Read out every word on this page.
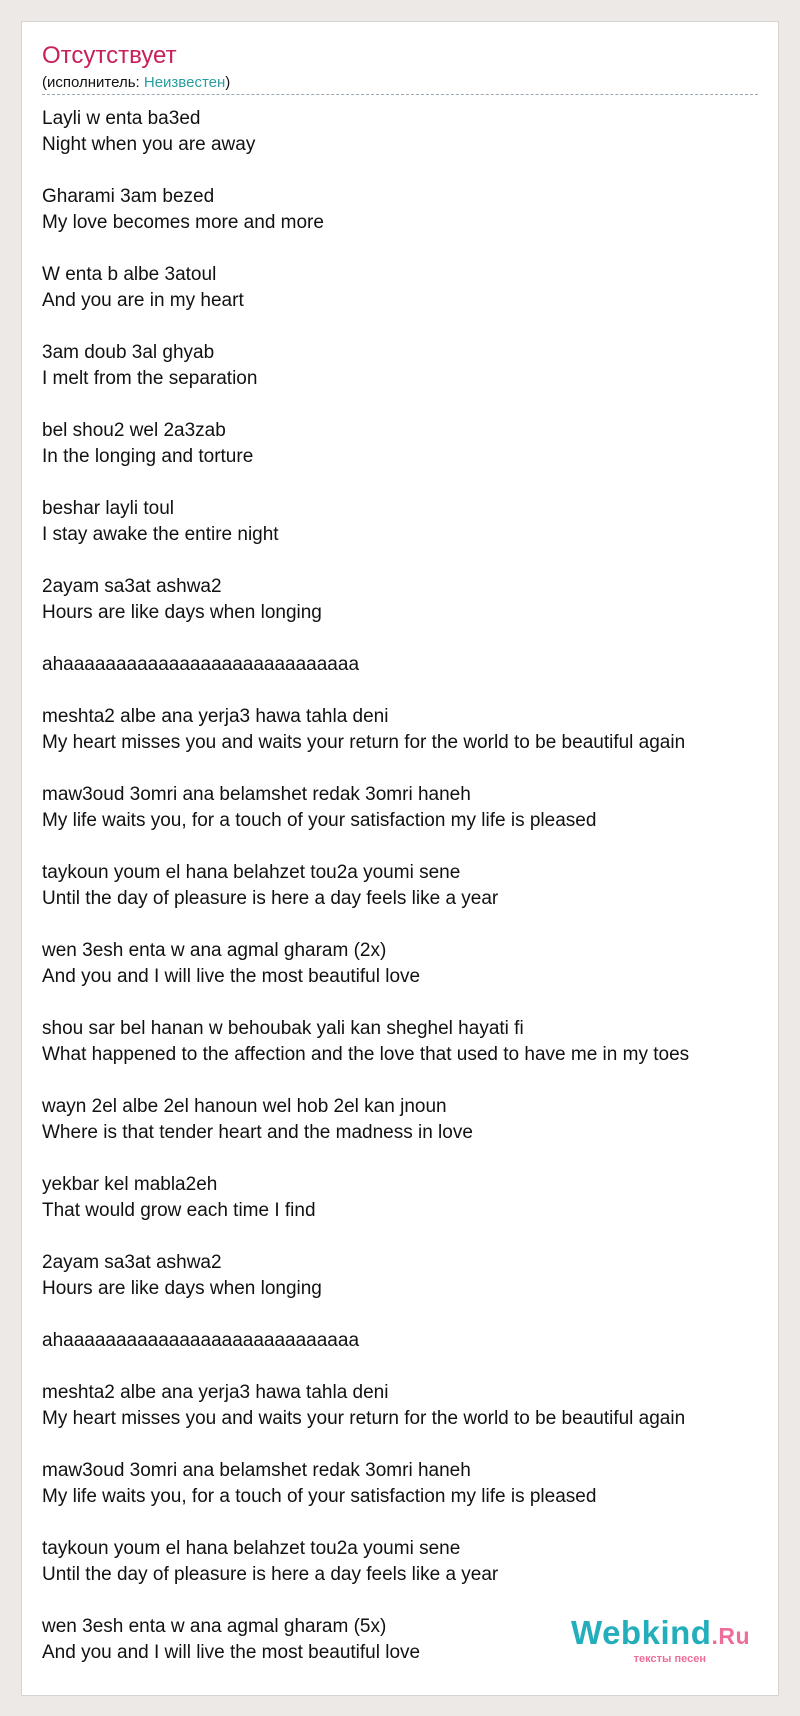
Отсутствует
(исполнитель: Неизвестен)
Layli w enta ba3ed
Night when you are away
Gharami 3am bezed
My love becomes more and more
W enta b albe 3atoul
And you are in my heart
3am doub 3al ghyab
I melt from the separation
bel shou2 wel 2a3zab
In the longing and torture
beshar layli toul
I stay awake the entire night
2ayam sa3at ashwa2
Hours are like days when longing
ahaaaaaaaaaaaaaaaaaaaaaaaaaaaa
meshta2 albe ana yerja3 hawa tahla deni
My heart misses you and waits your return for the world to be beautiful again
maw3oud 3omri ana belamshet redak 3omri haneh
My life waits you, for a touch of your satisfaction my life is pleased
taykoun youm el hana belahzet tou2a youmi sene
Until the day of pleasure is here a day feels like a year
wen 3esh enta w ana agmal gharam (2x)
And you and I will live the most beautiful love
shou sar bel hanan w behoubak yali kan sheghel hayati fi
What happened to the affection and the love that used to have me in my toes
wayn 2el albe 2el hanoun wel hob 2el kan jnoun
Where is that tender heart and the madness in love
yekbar kel mabla2eh
That would grow each time I find
2ayam sa3at ashwa2
Hours are like days when longing
ahaaaaaaaaaaaaaaaaaaaaaaaaaaaa
meshta2 albe ana yerja3 hawa tahla deni
My heart misses you and waits your return for the world to be beautiful again
maw3oud 3omri ana belamshet redak 3omri haneh
My life waits you, for a touch of your satisfaction my life is pleased
taykoun youm el hana belahzet tou2a youmi sene
Until the day of pleasure is here a day feels like a year
wen 3esh enta w ana agmal gharam (5x)
And you and I will live the most beautiful love
Webkind.Ru
тексты песен
